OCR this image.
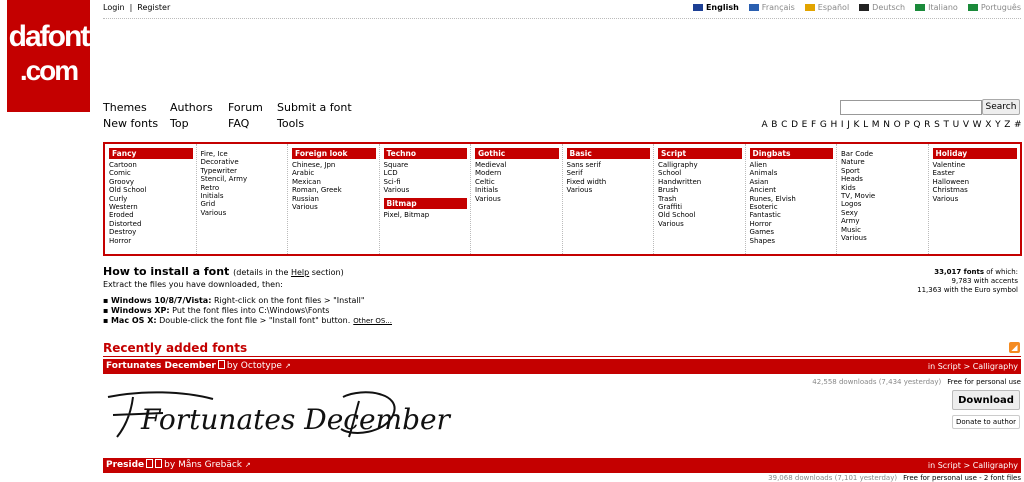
Login | Register	English	Français	Español	Deutsch	Italiano	Português
dafont
.com
Themes	Authors	Forum	Submit a font
New fonts	Top	FAQ	Tools
Search
A B C D E F G H I J K L M N O P Q R S T U V W X Y Z #
Fancy
Cartoon
Comic
Groovy
Old School
Curly
Western
Eroded
Distorted
Destroy
Horror
Fire, Ice
Decorative
Typewriter
Stencil, Army
Retro
Initials
Grid
Various
Foreign look
Chinese, Jpn
Arabic
Mexican
Roman, Greek
Russian
Various
Techno
Square
LCD
Sci-fi
Various
Bitmap
Pixel, Bitmap
Gothic
Medieval
Modern
Celtic
Initials
Various
Basic
Sans serif
Serif
Fixed width
Various
Script
Calligraphy
School
Handwritten
Brush
Trash
Graffiti
Old School
Various
Dingbats
Alien
Animals
Asian
Ancient
Runes, Elvish
Esoteric
Fantastic
Horror
Games
Shapes
Bar Code
Nature
Sport
Heads
Kids
TV, Movie
Logos
Sexy
Army
Music
Various
Holiday
Valentine
Easter
Halloween
Christmas
Various
How to install a font (details in the Help section)
Extract the files you have downloaded, then:
▪ Windows 10/8/7/Vista: Right-click on the font files > "Install"
▪ Windows XP: Put the font files into C:\Windows\Fonts
▪ Mac OS X: Double-click the font file > "Install font" button. Other OS...
33,017 fonts of which:
9,783 with accents
11,363 with the Euro symbol
Recently added fonts	◢
Fortunates December by Octotype ↗	in Script > Calligraphy
42,558 downloads (7,434 yesterday) Free for personal use
Fortunates December
Download
Donate to author
Preside by Måns Grebäck ↗	in Script > Calligraphy
39,068 downloads (7,101 yesterday) Free for personal use - 2 font files
